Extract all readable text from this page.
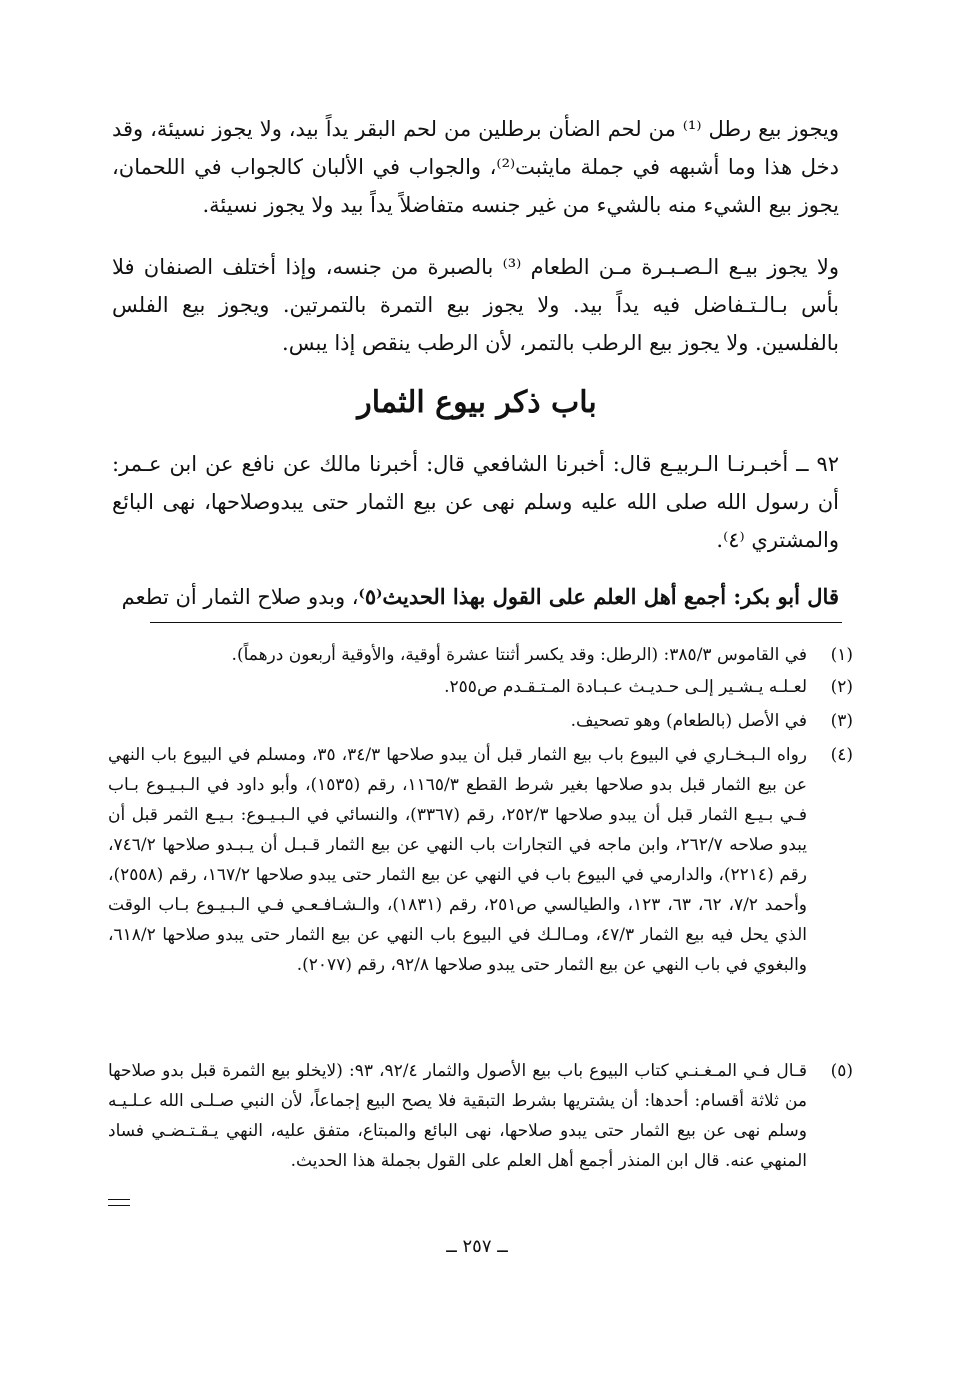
ويجوز بيع رطل ⁽¹⁾ من لحم الضأن برطلين من لحم البقر يداً بيد، ولا يجوز نسيئة، وقد دخل هذا وما أشبهه في جملة مايثبت⁽²⁾، والجواب في الألبان كالجواب في اللحمان، يجوز بيع الشيء منه بالشيء من غير جنسه متفاضلاً يداً بيد ولا يجوز نسيئة.

ولا يجوز بيـع الـصـبـرة مـن الطعام ⁽³⁾ بالصبرة من جنسه، وإذا أختلف الصنفان فلا بأس بـالـتـفاضل فيه يداً بيد. ولا يجوز بيع التمرة بالتمرتين. ويجوز بيع الفلس بالفلسين. ولا يجوز بيع الرطب بالتمر، لأن الرطب ينقص إذا يبس.

باب ذكر بيوع الثمار

٩٢ ــ أخبـرنـا الـربيـع قال: أخبرنا الشافعي قال: أخبرنا مالك عن نافع عن ابن عـمر: أن رسول الله صلى الله عليه وسلم نهى عن بيع الثمار حتى يبدوصلاحها، نهى البائع والمشتري ⁽٤⁾.

قال أبو بكر: أجمع أهل العلم على القول بهذا الحديث⁽٥⁾، وبدو صلاح الثمار أن تطعم

(١)
في القاموس ٣٨٥/٣: (الرطل: وقد يكسر أثنتا عشرة أوقية، والأوقية أربعون درهماً).
(٢)
لعـلـه يـشـير إلـى حـديـث عـبـادة المـتـقـدم ص٢٥٥.
(٣)
في الأصل (بالطعام) وهو تصحيف.
(٤)
رواه الـبـخـاري في البيوع باب بيع الثمار قبل أن يبدو صلاحها ٣٤/٣، ٣٥، ومسلم في البيوع باب النهي عن بيع الثمار قبل بدو صلاحها بغير شرط القطع ١١٦٥/٣، رقم (١٥٣٥)، وأبو داود في الـبـيـوع بـاب فـي بـيـع الثمار قبل أن يبدو صلاحها ٢٥٢/٣، رقم (٣٣٦٧)، والنسائي في الـبـيـوع: بـيـع الثمر قبل أن يبدو صلاحه ٢٦٢/٧، وابن ماجه في التجارات باب النهي عن بيع الثمار قـبـل أن يـبـدو صلاحها ٧٤٦/٢، رقم (٢٢١٤)، والدارمي في البيوع باب في النهي عن بيع الثمار حتى يبدو صلاحها ١٦٧/٢، رقم (٢٥٥٨)، وأحمد ٧/٢، ٦٢، ٦٣، ١٢٣، والطيالسي ص٢٥١، رقم (١٨٣١)، والـشـافـعـي فـي الـبـيـوع بـاب الوقت الذي يحل فيه بيع الثمار ٤٧/٣، ومـالـك في البيوع باب النهي عن بيع الثمار حتى يبدو صلاحها ٦١٨/٢، والبغوي في باب النهي عن بيع الثمار حتى يبدو صلاحها ٩٢/٨، رقم (٢٠٧٧).
(٥)
قـال فـي المـغـنـي كتاب البيوع باب بيع الأصول والثمار ٩٢/٤، ٩٣: (لايخلو بيع الثمرة قبل بدو صلاحها من ثلاثة أقسام: أحدها: أن يشتريها بشرط التبقية فلا يصح البيع إجماعاً، لأن النبي صـلـى الله عـلـيـه وسلم نهى عن بيع الثمار حتى يبدو صلاحها، نهى البائع والمبتاع، متفق عليه، النهي يـقـتـضـي فساد المنهي عنه. قال ابن المنذر أجمع أهل العلم على القول بجملة هذا الحديث.
ــ ٢٥٧ ــ
